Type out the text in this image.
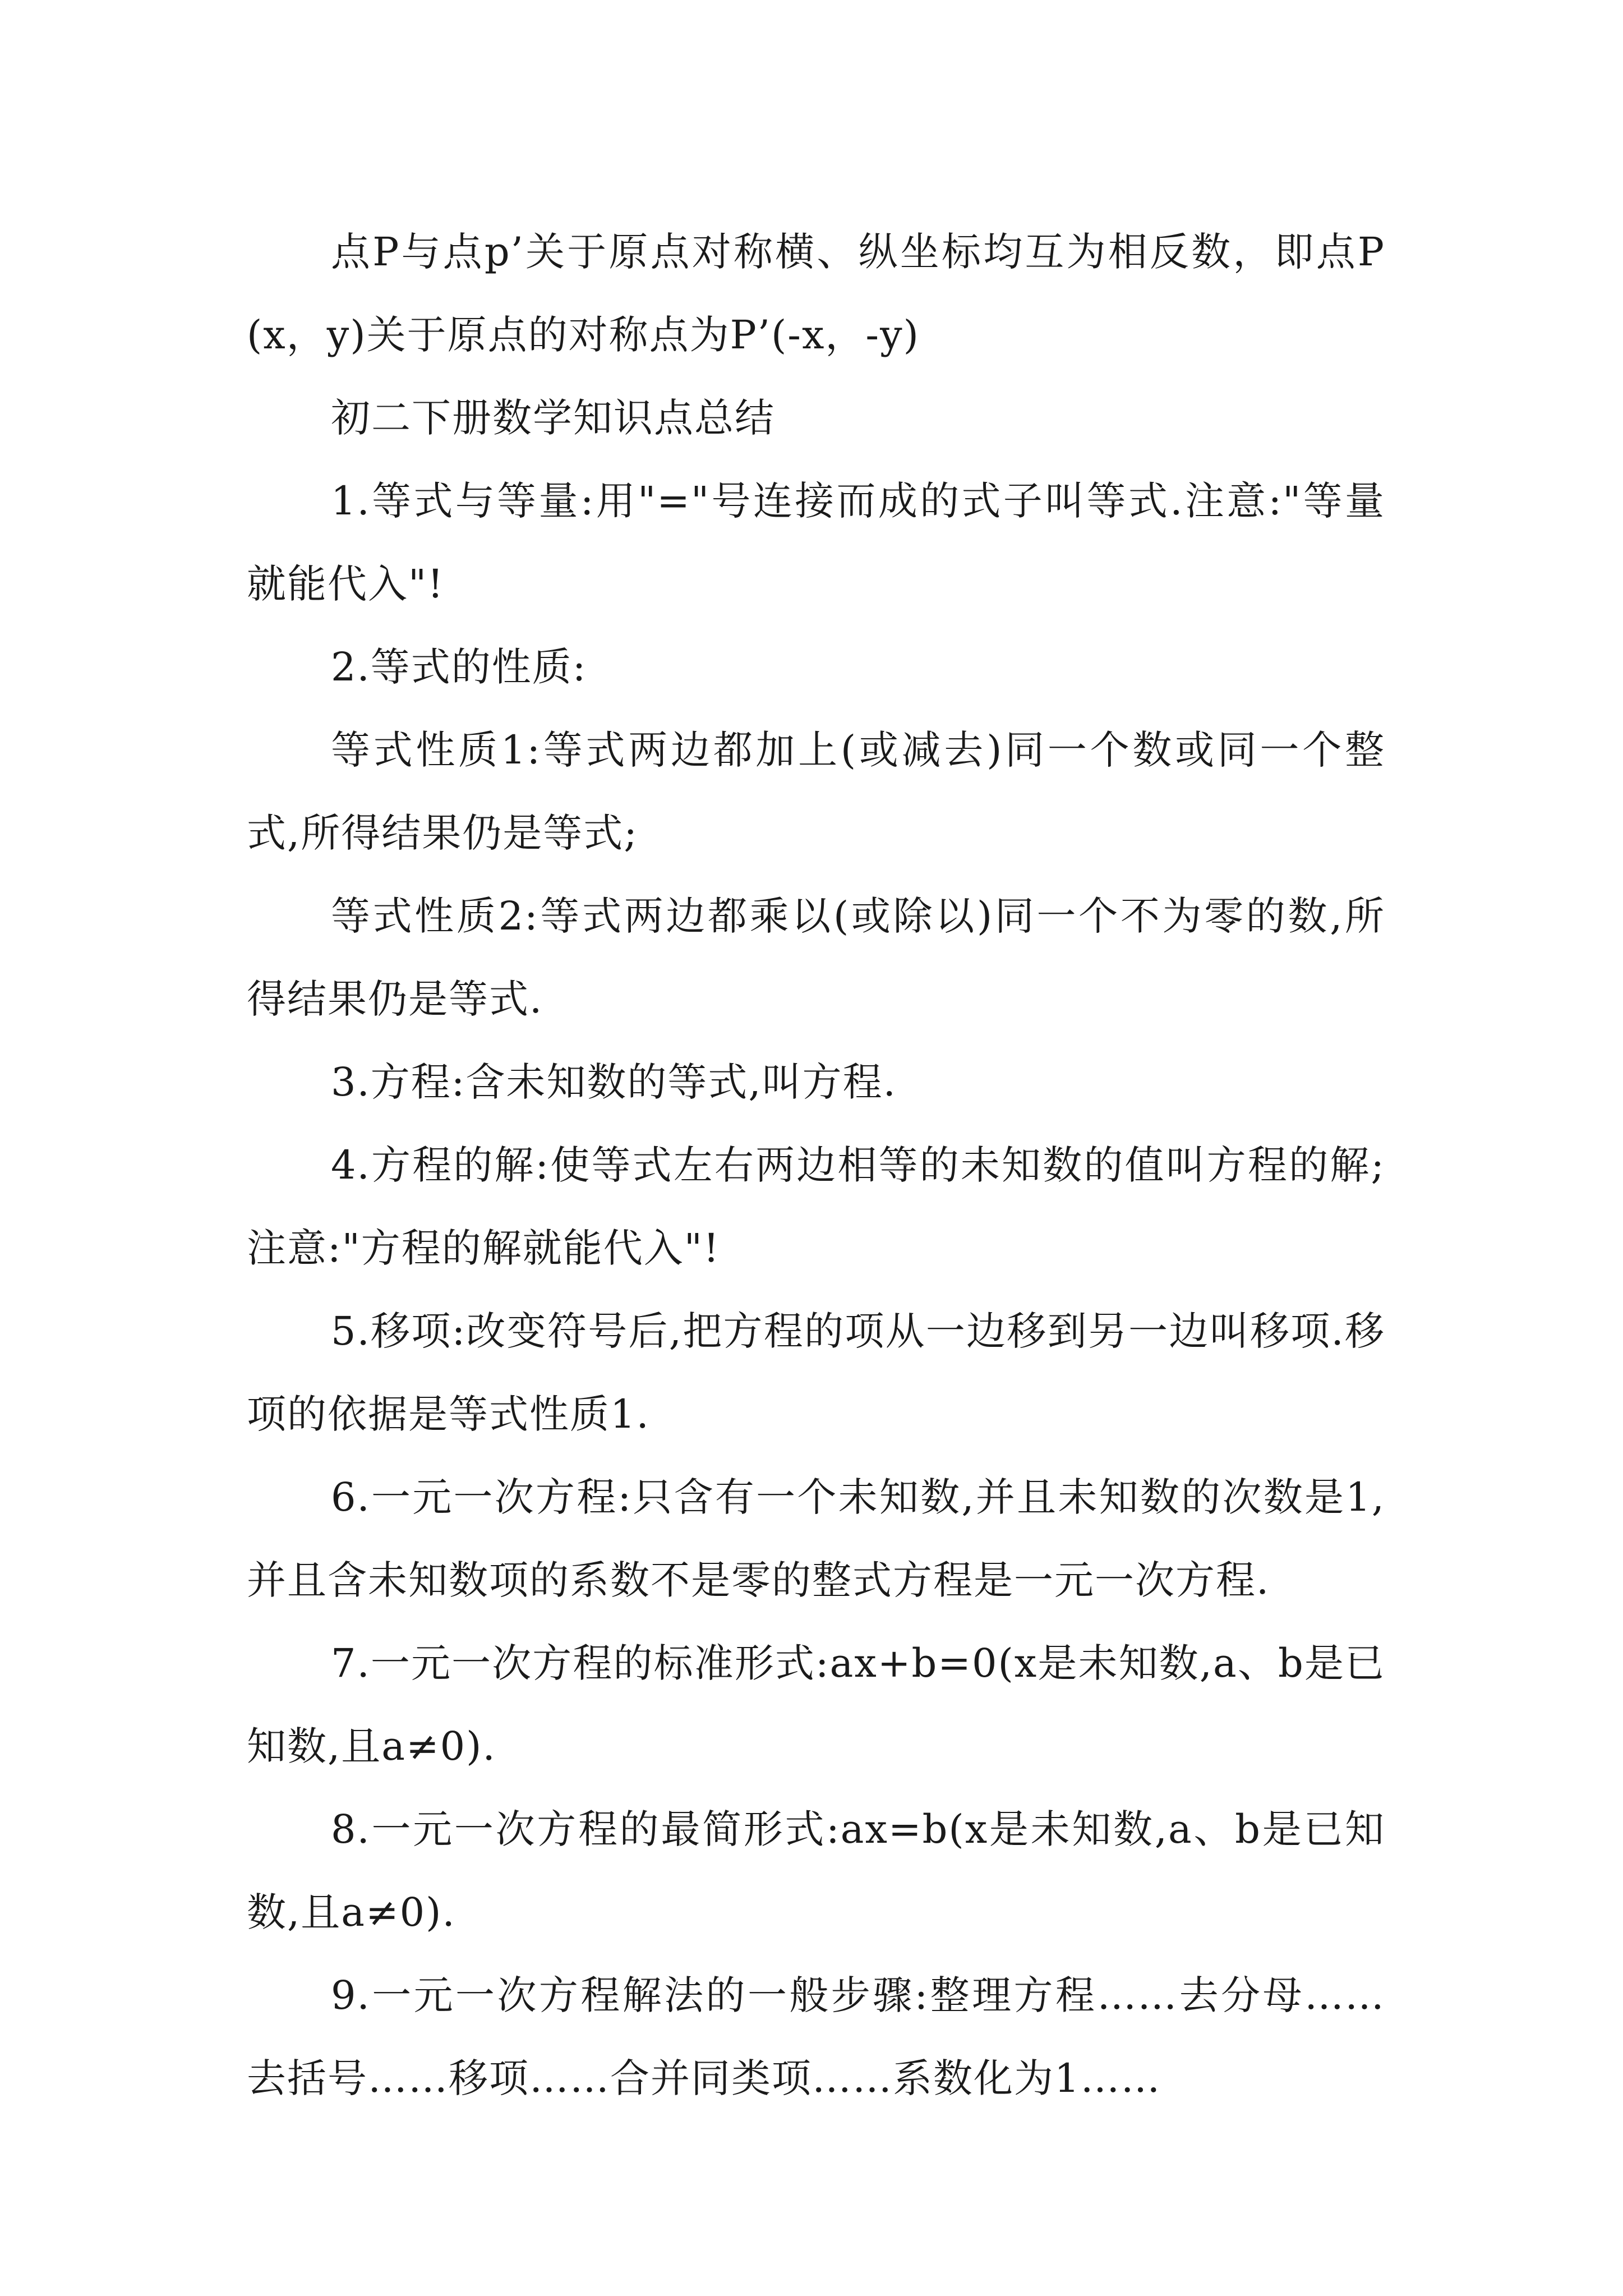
点P与点p’关于原点对称横、纵坐标均互为相反数，即点P(x，y)关于原点的对称点为P’(-x，-y)

初二下册数学知识点总结

1.等式与等量:用"="号连接而成的式子叫等式.注意:"等量就能代入"!

2.等式的性质:

等式性质1:等式两边都加上(或减去)同一个数或同一个整式,所得结果仍是等式;

等式性质2:等式两边都乘以(或除以)同一个不为零的数,所得结果仍是等式.

3.方程:含未知数的等式,叫方程.

4.方程的解:使等式左右两边相等的未知数的值叫方程的解;注意:"方程的解就能代入"!

5.移项:改变符号后,把方程的项从一边移到另一边叫移项.移项的依据是等式性质1.

6.一元一次方程:只含有一个未知数,并且未知数的次数是1,并且含未知数项的系数不是零的整式方程是一元一次方程.

7.一元一次方程的标准形式:ax+b=0(x是未知数,a、b是已知数,且a≠0).

8.一元一次方程的最简形式:ax=b(x是未知数,a、b是已知数,且a≠0).

9.一元一次方程解法的一般步骤:整理方程……去分母……去括号……移项……合并同类项……系数化为1……
